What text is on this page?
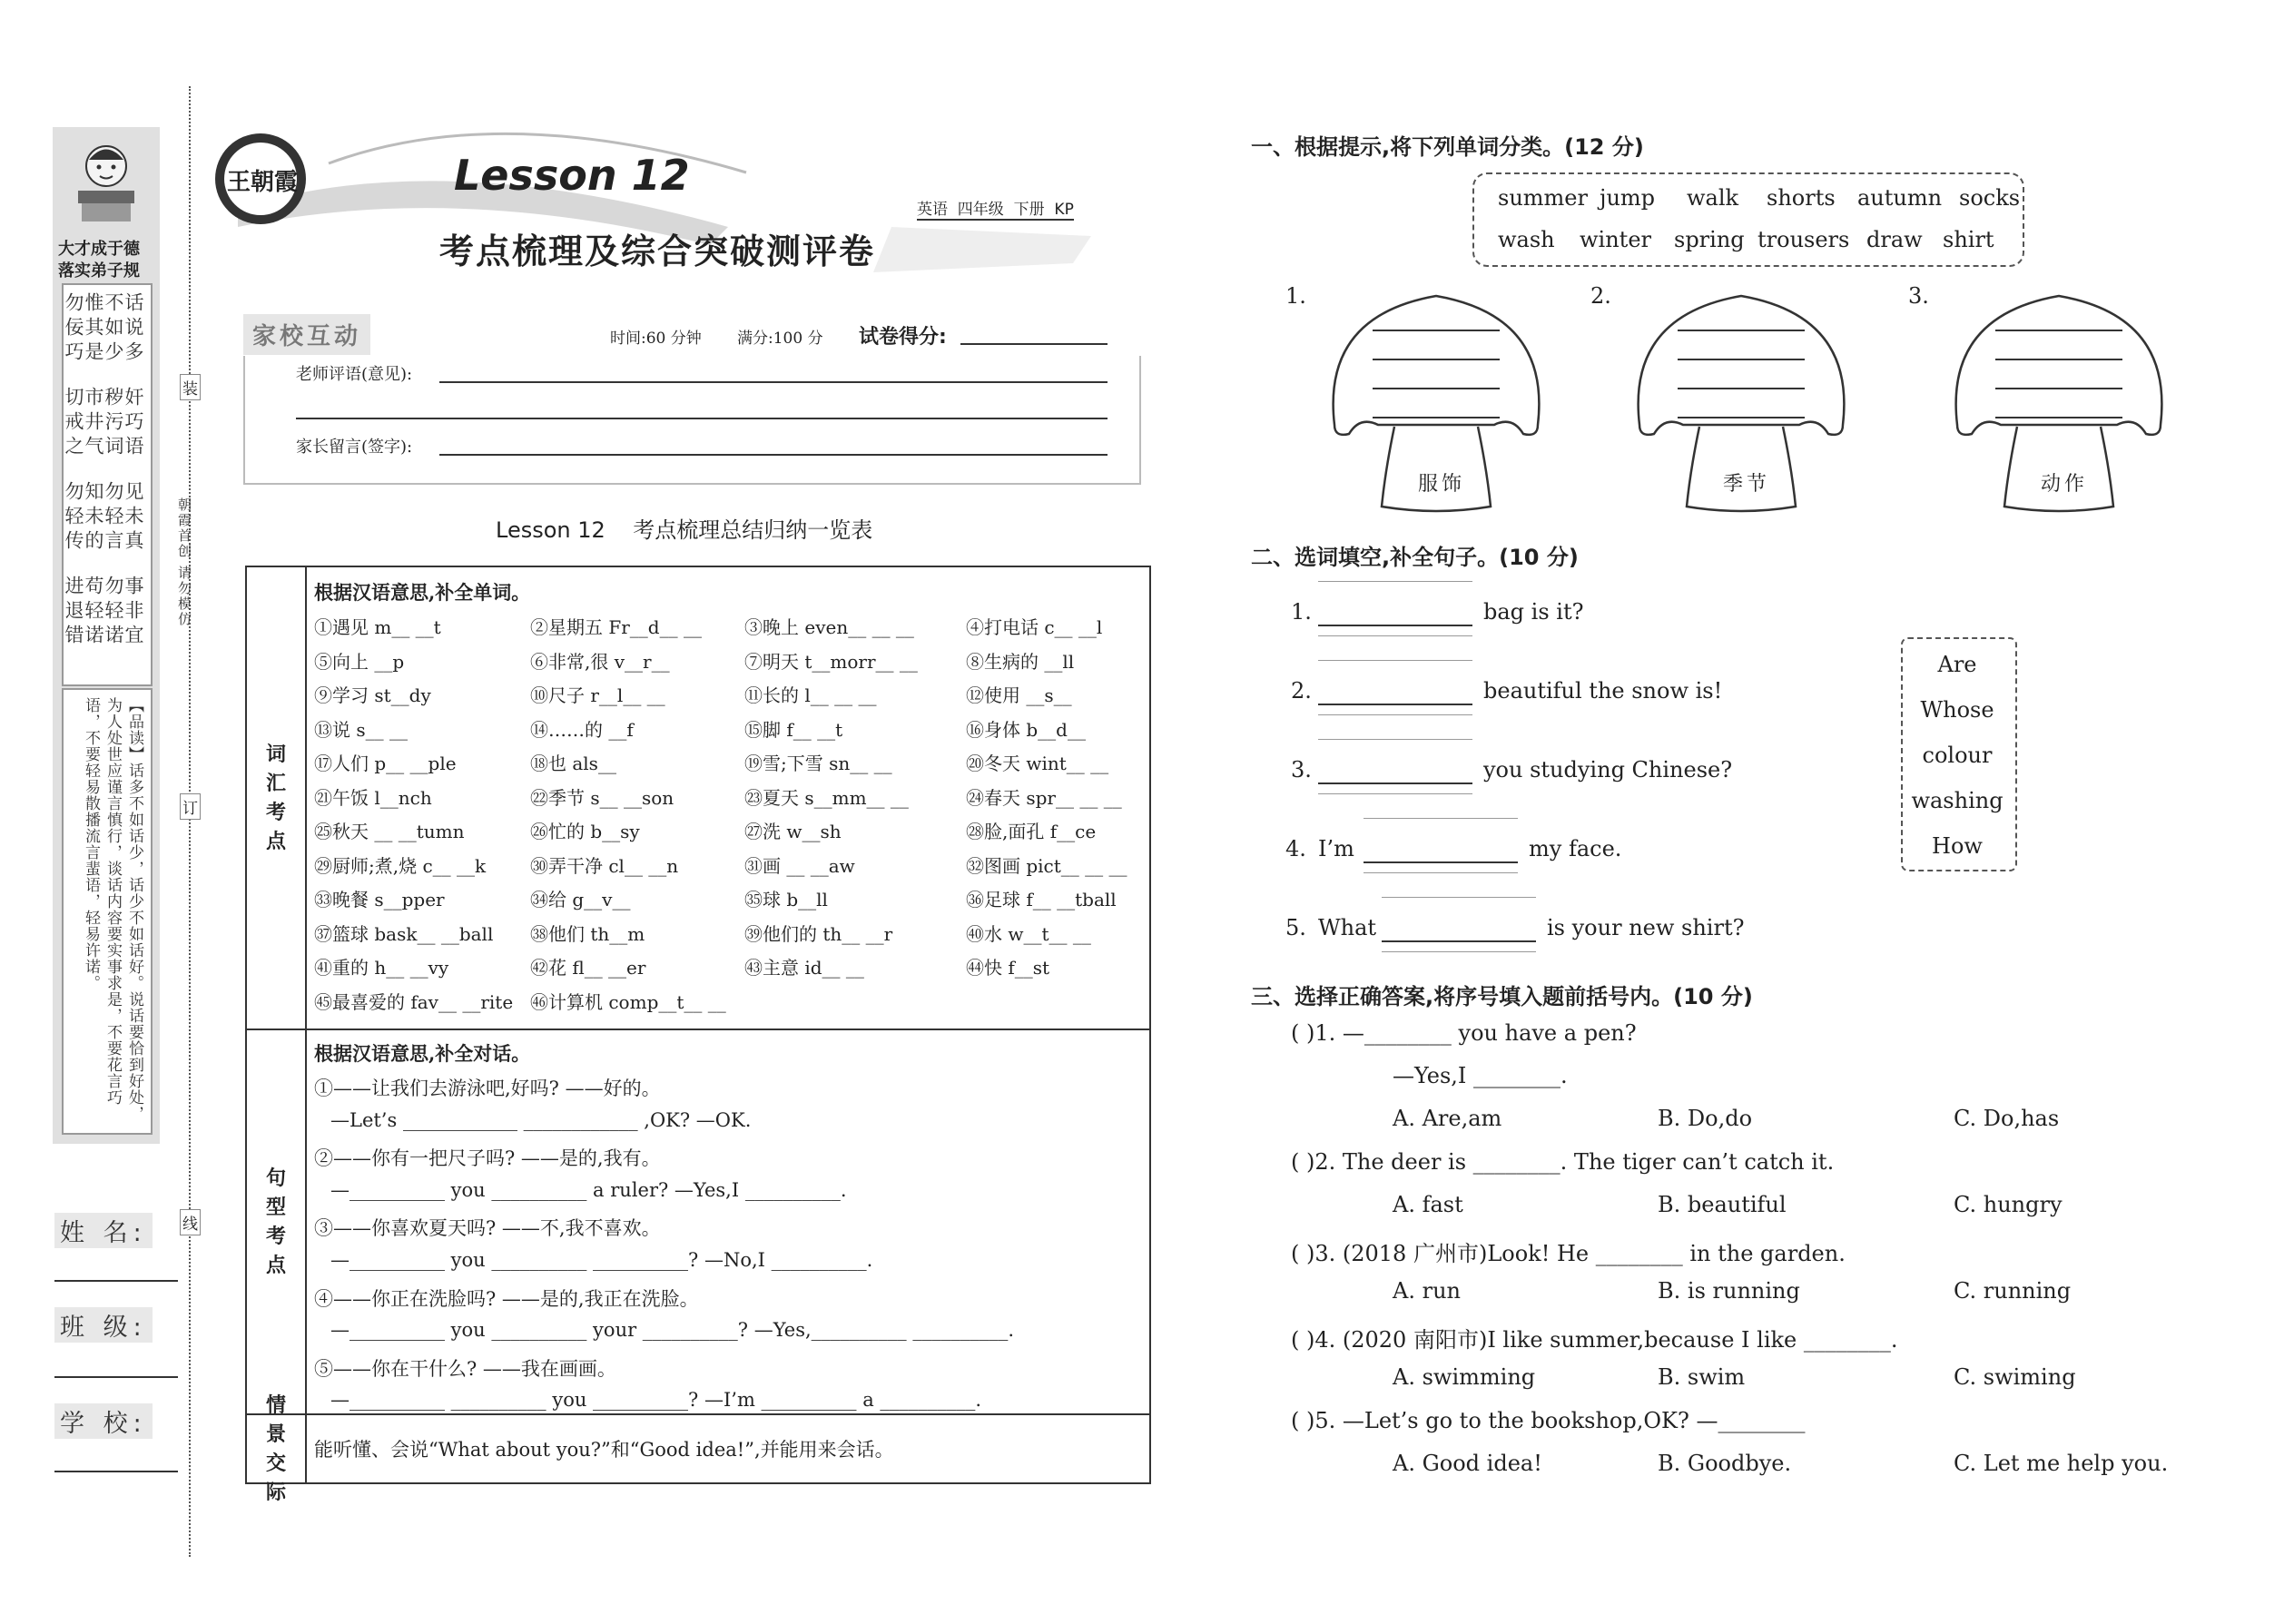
大才成于德
落实弟子规
话说多
不如少
惟其是
勿佞巧
奸巧语
秽污词
市井气
切戒之
见未真
勿轻言
知未的
勿轻传
事非宜
勿轻诺
苟轻诺
进退错
【品读】话多不如话少，话少不如话好。说话要恰到好处，为人处世应谨言慎行，谈话内容要实事求是，不要花言巧语，不要轻易散播流言蜚语，轻易许诺。
装
订
线
朝霞首创 请勿模仿
姓 名:
班 级:
学 校:
王朝霞	Lesson 12
考点梳理及综合突破测评卷
英语  四年级  下册  KP
家校互动	时间:60 分钟 满分:100 分 试卷得分:
老师评语(意见):
家长留言(签字):
Lesson 12    考点梳理总结归纳一览表
词汇考点
句型考点
情景交际
根据汉语意思,补全单词。
①遇见 m__ __t	②星期五 Fr__d__ __ ③晚上 even__ __ __	④打电话 c__ __l
⑤向上 __p	⑥非常,很 v__r__	⑦明天 t__morr__ __	⑧生病的 __ll
⑨学习 st__dy	⑩尺子 r__l__ __	⑪长的 l__ __ __	⑫使用 __s__
⑬说 s__ __	⑭……的 __f	⑮脚 f__ __t	⑯身体 b__d__
⑰人们 p__ __ple	⑱也 als__	⑲雪;下雪 sn__ __	⑳冬天 wint__ __
㉑午饭 l__nch	㉒季节 s__ __son	㉓夏天 s__mm__ __	㉔春天 spr__ __ __
㉕秋天 __ __tumn	㉖忙的 b__sy	㉗洗 w__sh	㉘脸,面孔 f__ce
㉙厨师;煮,烧 c__ __k ㉚弄干净 cl__ __n	㉛画 __ __aw	㉜图画 pict__ __ __
㉝晚餐 s__pper	㉞给 g__v__	㉟球 b__ll	㊱足球 f__ __tball
㊲篮球 bask__ __ball ㊳他们 th__m	㊴他们的 th__ __r	㊵水 w__t__ __
㊶重的 h__ __vy	㊷花 fl__ __er	㊸主意 id__ __	㊹快 f__st
㊺最喜爱的 fav__ __rite ㊻计算机 comp__t__ __
根据汉语意思,补全对话。
①——让我们去游泳吧,好吗? ——好的。
—Let’s ____________ ____________ ,OK? —OK.
②——你有一把尺子吗? ——是的,我有。
—__________ you __________ a ruler? —Yes,I __________.
③——你喜欢夏天吗? ——不,我不喜欢。
—__________ you __________ __________? —No,I __________.
④——你正在洗脸吗? ——是的,我正在洗脸。
—__________ you __________ your __________? —Yes,__________ __________.
⑤——你在干什么? ——我在画画。
—__________ __________ you __________? —I’m __________ a __________.
能听懂、会说“What about you?”和“Good idea!”,并能用来会话。
一、根据提示,将下列单词分类。(12 分)
summer jump walk shorts autumn socks
wash winter spring trousers draw shirt
1.
服饰
2.
季节
3.
动作
二、选词填空,补全句子。(10 分)
1.	bag is it?
2.	beautiful the snow is!
3.	you studying Chinese?
4. I’m	my face.
5. What	is your new shirt?
Are
Whose
colour
washing
How
三、选择正确答案,将序号填入题前括号内。(10 分)
( )1. —________ you have a pen?
—Yes,I ________.
A. Are,am	B. Do,do	C. Do,has
( )2. The deer is ________. The tiger can’t catch it.
A. fast	B. beautiful	C. hungry
( )3. (2018 广州市)Look! He ________ in the garden.
A. run	B. is running	C. running
( )4. (2020 南阳市)I like summer,because I like ________.
A. swimming	B. swim	C. swiming
( )5. —Let’s go to the bookshop,OK? —________
A. Good idea!	B. Goodbye.	C. Let me help you.
